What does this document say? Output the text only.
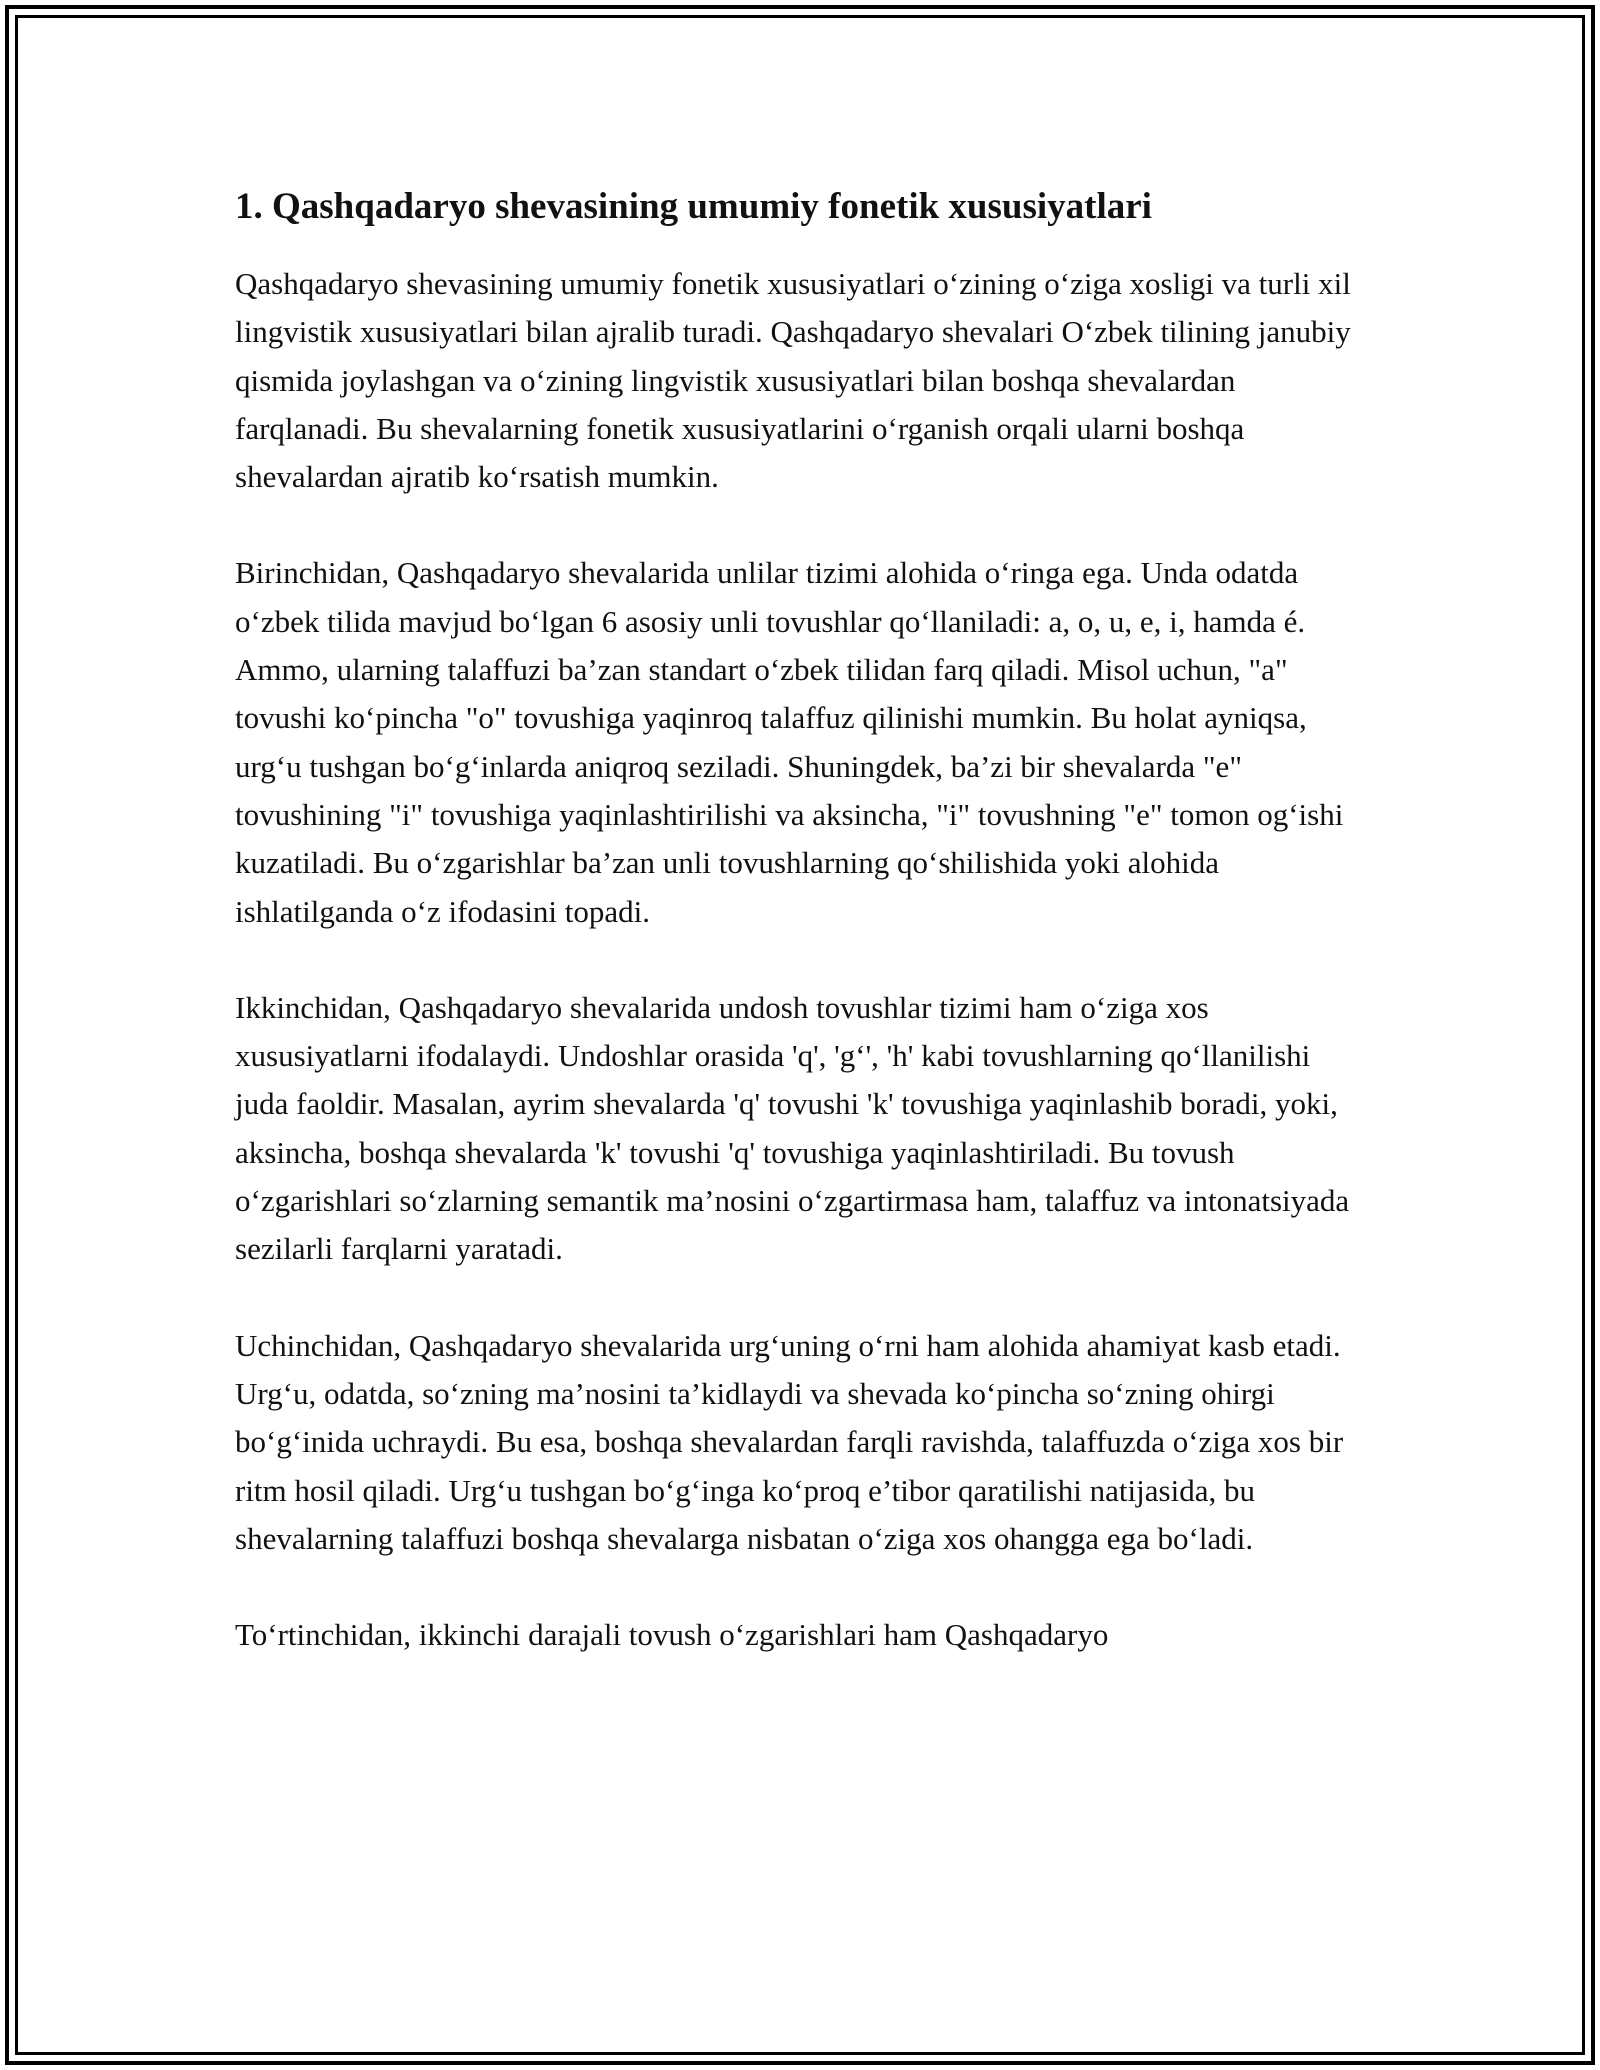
1. Qashqadaryo shevasining umumiy fonetik xususiyatlari

Qashqadaryo shevasining umumiy fonetik xususiyatlari o‘zining o‘ziga xosligi va turli xil lingvistik xususiyatlari bilan ajralib turadi. Qashqadaryo shevalari O‘zbek tilining janubiy qismida joylashgan va o‘zining lingvistik xususiyatlari bilan boshqa shevalardan farqlanadi. Bu shevalarning fonetik xususiyatlarini o‘rganish orqali ularni boshqa shevalardan ajratib ko‘rsatish mumkin.

Birinchidan, Qashqadaryo shevalarida unlilar tizimi alohida o‘ringa ega. Unda odatda o‘zbek tilida mavjud bo‘lgan 6 asosiy unli tovushlar qo‘llaniladi: a, o, u, e, i, hamda é. Ammo, ularning talaffuzi ba’zan standart o‘zbek tilidan farq qiladi. Misol uchun, "a" tovushi ko‘pincha "o" tovushiga yaqinroq talaffuz qilinishi mumkin. Bu holat ayniqsa, urg‘u tushgan bo‘g‘inlarda aniqroq seziladi. Shuningdek, ba’zi bir shevalarda "e" tovushining "i" tovushiga yaqinlashtirilishi va aksincha, "i" tovushning "e" tomon og‘ishi kuzatiladi. Bu o‘zgarishlar ba’zan unli tovushlarning qo‘shilishida yoki alohida ishlatilganda o‘z ifodasini topadi.

Ikkinchidan, Qashqadaryo shevalarida undosh tovushlar tizimi ham o‘ziga xos xususiyatlarni ifodalaydi. Undoshlar orasida 'q', 'g‘', 'h' kabi tovushlarning qo‘llanilishi juda faoldir. Masalan, ayrim shevalarda 'q' tovushi 'k' tovushiga yaqinlashib boradi, yoki, aksincha, boshqa shevalarda 'k' tovushi 'q' tovushiga yaqinlashtiriladi. Bu tovush o‘zgarishlari so‘zlarning semantik ma’nosini o‘zgartirmasa ham, talaffuz va intonatsiyada sezilarli farqlarni yaratadi.

Uchinchidan, Qashqadaryo shevalarida urg‘uning o‘rni ham alohida ahamiyat kasb etadi. Urg‘u, odatda, so‘zning ma’nosini ta’kidlaydi va shevada ko‘pincha so‘zning ohirgi bo‘g‘inida uchraydi. Bu esa, boshqa shevalardan farqli ravishda, talaffuzda o‘ziga xos bir ritm hosil qiladi. Urg‘u tushgan bo‘g‘inga ko‘proq e’tibor qaratilishi natijasida, bu shevalarning talaffuzi boshqa shevalarga nisbatan o‘ziga xos ohangga ega bo‘ladi.

To‘rtinchidan, ikkinchi darajali tovush o‘zgarishlari ham Qashqadaryo
